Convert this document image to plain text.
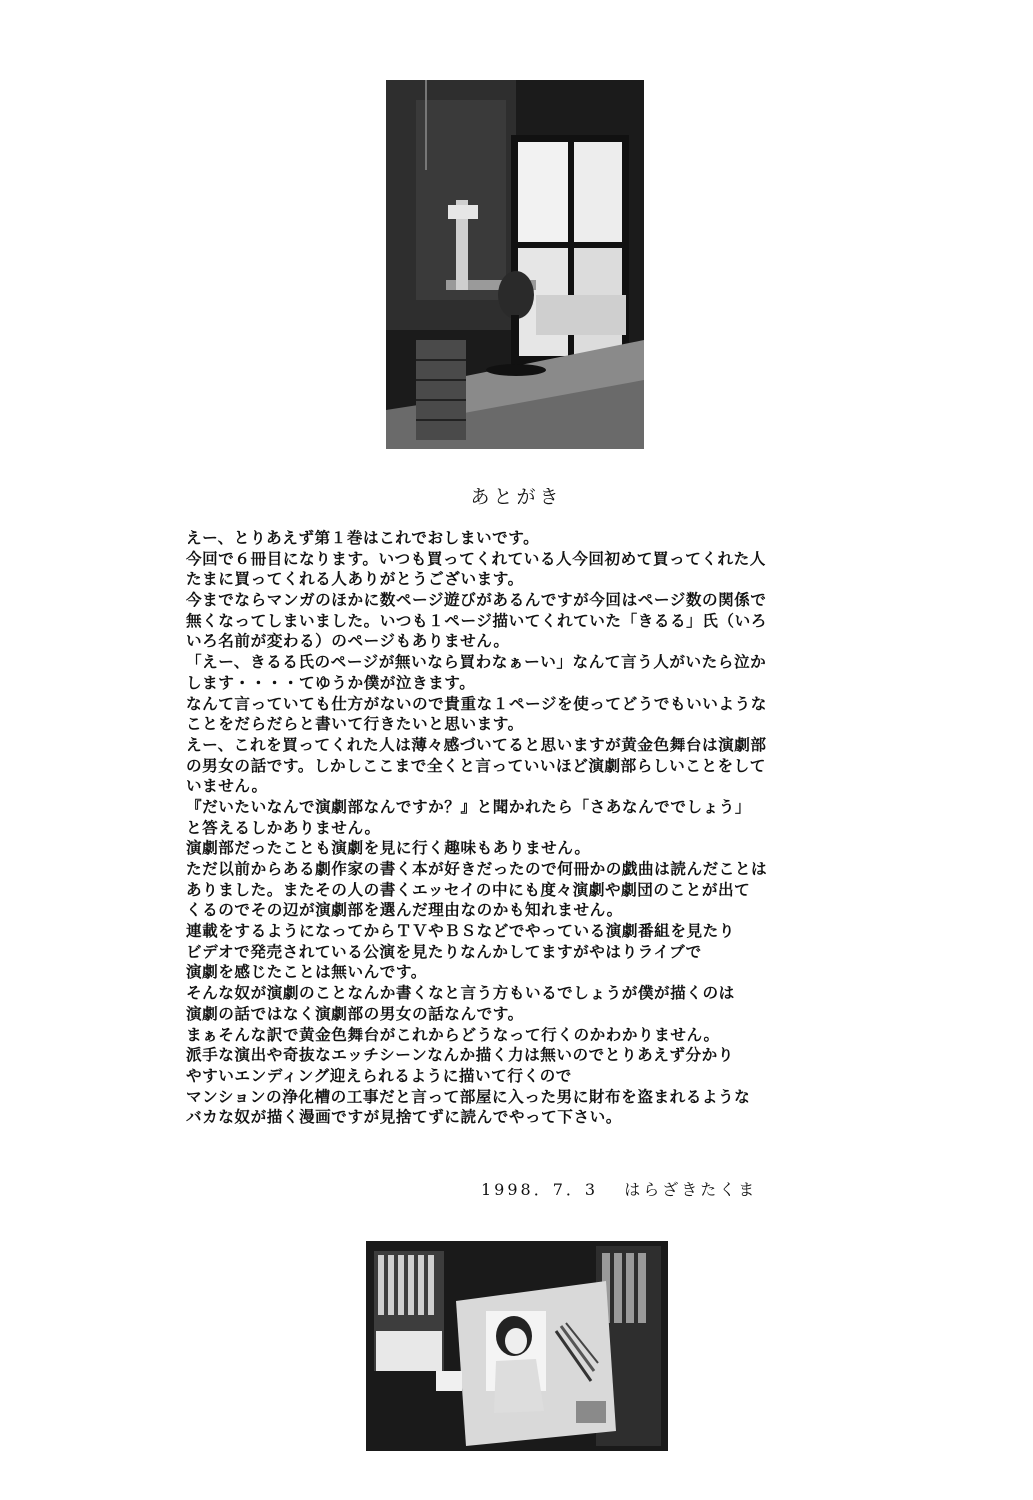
あとがき
えー、とりあえず第１巻はこれでおしまいです。
今回で６冊目になります。いつも買ってくれている人今回初めて買ってくれた人
たまに買ってくれる人ありがとうございます。
今までならマンガのほかに数ページ遊びがあるんですが今回はページ数の関係で
無くなってしまいました。いつも１ページ描いてくれていた「きるる」氏（いろ
いろ名前が変わる）のページもありません。
「えー、きるる氏のページが無いなら買わなぁーい」なんて言う人がいたら泣か
します・・・・てゆうか僕が泣きます。
なんて言っていても仕方がないので貴重な１ページを使ってどうでもいいような
ことをだらだらと書いて行きたいと思います。
えー、これを買ってくれた人は薄々感づいてると思いますが黄金色舞台は演劇部
の男女の話です。しかしここまで全くと言っていいほど演劇部らしいことをして
いません。
『だいたいなんで演劇部なんですか？』と聞かれたら「さあなんででしょう」
と答えるしかありません。
演劇部だったことも演劇を見に行く趣味もありません。
ただ以前からある劇作家の書く本が好きだったので何冊かの戯曲は読んだことは
ありました。またその人の書くエッセイの中にも度々演劇や劇団のことが出て
くるのでその辺が演劇部を選んだ理由なのかも知れません。
連載をするようになってからＴＶやＢＳなどでやっている演劇番組を見たり
ビデオで発売されている公演を見たりなんかしてますがやはりライブで
演劇を感じたことは無いんです。
そんな奴が演劇のことなんか書くなと言う方もいるでしょうが僕が描くのは
演劇の話ではなく演劇部の男女の話なんです。
まぁそんな訳で黄金色舞台がこれからどうなって行くのかわかりません。
派手な演出や奇抜なエッチシーンなんか描く力は無いのでとりあえず分かり
やすいエンディング迎えられるように描いて行くので
マンションの浄化槽の工事だと言って部屋に入った男に財布を盗まれるような
バカな奴が描く漫画ですが見捨てずに読んでやって下さい。
1998．7．3 はらざきたくま
